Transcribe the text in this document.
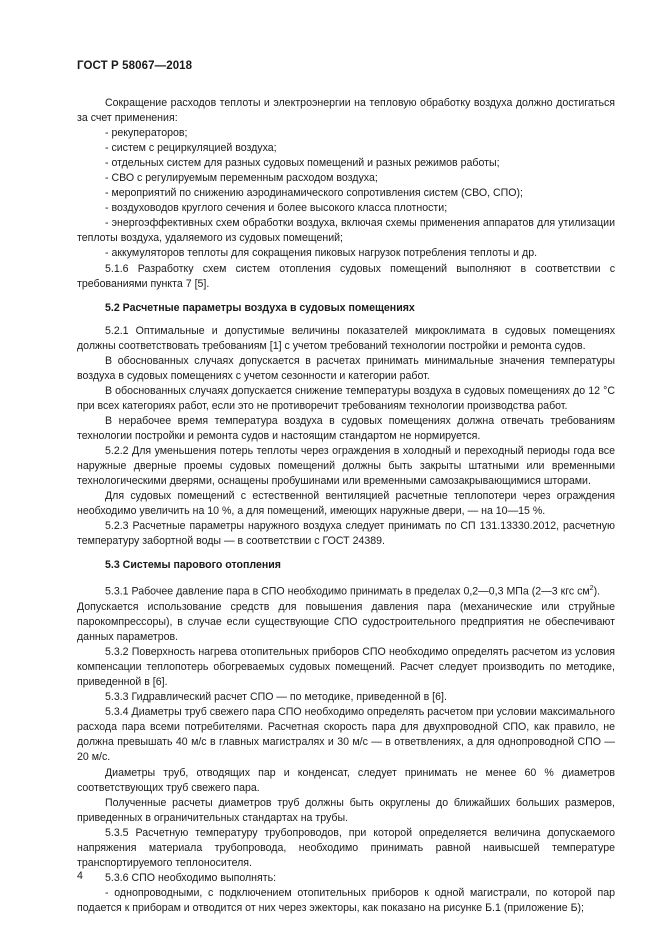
ГОСТ Р 58067—2018

Сокращение расходов теплоты и электроэнергии на тепловую обработку воздуха должно достигаться за счет применения:

- рекуператоров;

- систем с рециркуляцией воздуха;

- отдельных систем для разных судовых помещений и разных режимов работы;

- СВО с регулируемым переменным расходом воздуха;

- мероприятий по снижению аэродинамического сопротивления систем (СВО, СПО);

- воздуховодов круглого сечения и более высокого класса плотности;

- энергоэффективных схем обработки воздуха, включая схемы применения аппаратов для утилизации теплоты воздуха, удаляемого из судовых помещений;

- аккумуляторов теплоты для сокращения пиковых нагрузок потребления теплоты и др.

5.1.6 Разработку схем систем отопления судовых помещений выполняют в соответствии с требованиями пункта 7 [5].

5.2 Расчетные параметры воздуха в судовых помещениях

5.2.1 Оптимальные и допустимые величины показателей микроклимата в судовых помещениях должны соответствовать требованиям [1] с учетом требований технологии постройки и ремонта судов.

В обоснованных случаях допускается в расчетах принимать минимальные значения температуры воздуха в судовых помещениях с учетом сезонности и категории работ.

В обоснованных случаях допускается снижение температуры воздуха в судовых помещениях до 12 °С при всех категориях работ, если это не противоречит требованиям технологии производства работ.

В нерабочее время температура воздуха в судовых помещениях должна отвечать требованиям технологии постройки и ремонта судов и настоящим стандартом не нормируется.

5.2.2 Для уменьшения потерь теплоты через ограждения в холодный и переходный периоды года все наружные дверные проемы судовых помещений должны быть закрыты штатными или временными технологическими дверями, оснащены пробушинами или временными самозакрывающимися шторами.

Для судовых помещений с естественной вентиляцией расчетные теплопотери через ограждения необходимо увеличить на 10 %, а для помещений, имеющих наружные двери, — на 10—15 %.

5.2.3 Расчетные параметры наружного воздуха следует принимать по СП 131.13330.2012, расчетную температуру забортной воды — в соответствии с ГОСТ 24389.

5.3 Системы парового отопления

5.3.1 Рабочее давление пара в СПО необходимо принимать в пределах 0,2—0,3 МПа (2—3 кгс $см^2$).

Допускается использование средств для повышения давления пара (механические или струйные парокомпрессоры), в случае если существующие СПО судостроительного предприятия не обеспечивают данных параметров.

5.3.2 Поверхность нагрева отопительных приборов СПО необходимо определять расчетом из условия компенсации теплопотерь обогреваемых судовых помещений. Расчет следует производить по методике, приведенной в [6].

5.3.3 Гидравлический расчет СПО — по методике, приведенной в [6].

5.3.4 Диаметры труб свежего пара СПО необходимо определять расчетом при условии максимального расхода пара всеми потребителями. Расчетная скорость пара для двухпроводной СПО, как правило, не должна превышать 40 м/с в главных магистралях и 30 м/с — в ответвлениях, а для однопроводной СПО — 20 м/с.

Диаметры труб, отводящих пар и конденсат, следует принимать не менее 60 % диаметров соответствующих труб свежего пара.

Полученные расчеты диаметров труб должны быть округлены до ближайших больших размеров, приведенных в ограничительных стандартах на трубы.

5.3.5 Расчетную температуру трубопроводов, при которой определяется величина допускаемого напряжения материала трубопровода, необходимо принимать равной наивысшей температуре транспортируемого теплоносителя.

5.3.6 СПО необходимо выполнять:

- однопроводными, с подключением отопительных приборов к одной магистрали, по которой пар подается к приборам и отводится от них через эжекторы, как показано на рисунке Б.1 (приложение Б);

4
